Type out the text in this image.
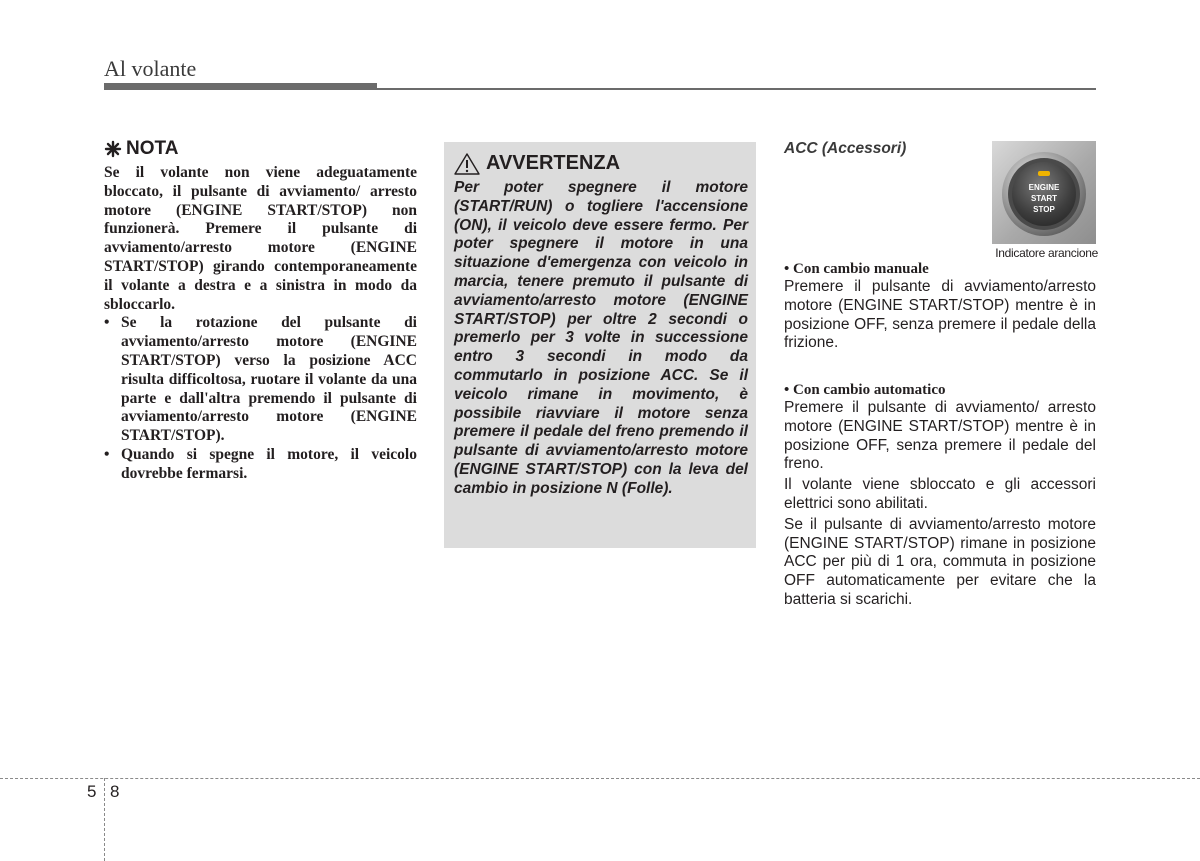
Al volante
NOTA
Se il volante non viene adeguatamente bloccato, il pulsante di avviamento/ arresto motore (ENGINE START/STOP) non funzionerà. Premere il pulsante di avviamento/arresto motore (ENGINE START/STOP) girando contemporaneamente il volante a destra e a sinistra in modo da sbloccarlo.
• Se la rotazione del pulsante di avviamento/arresto motore (ENGINE START/STOP) verso la posizione ACC risulta difficoltosa, ruotare il volante da una parte e dall'altra premendo il pulsante di avviamento/arresto motore (ENGINE START/STOP).
• Quando si spegne il motore, il veicolo dovrebbe fermarsi.
AVVERTENZA
Per poter spegnere il motore (START/RUN) o togliere l'accensione (ON), il veicolo deve essere fermo. Per poter spegnere il motore in una situazione d'emergenza con veicolo in marcia, tenere premuto il pulsante di avviamento/arresto motore (ENGINE START/STOP) per oltre 2 secondi o premerlo per 3 volte in successione entro 3 secondi in modo da commutarlo in posizione ACC. Se il veicolo rimane in movimento, è possibile riavviare il motore senza premere il pedale del freno premendo il pulsante di avviamento/arresto motore (ENGINE START/STOP) con la leva del cambio in posizione N (Folle).
ACC (Accessori)
ENGINE
START
STOP
Indicatore arancione
• Con cambio manuale
Premere il pulsante di avviamento/arresto motore (ENGINE START/STOP) mentre è in posizione OFF, senza premere il pedale della frizione.
• Con cambio automatico
Premere il pulsante di avviamento/ arresto motore (ENGINE START/STOP) mentre è in posizione OFF, senza premere il pedale del freno.
Il volante viene sbloccato e gli accessori elettrici sono abilitati.
Se il pulsante di avviamento/arresto motore (ENGINE START/STOP) rimane in posizione ACC per più di 1 ora, commuta in posizione OFF automaticamente per evitare che la batteria si scarichi.
5 8
